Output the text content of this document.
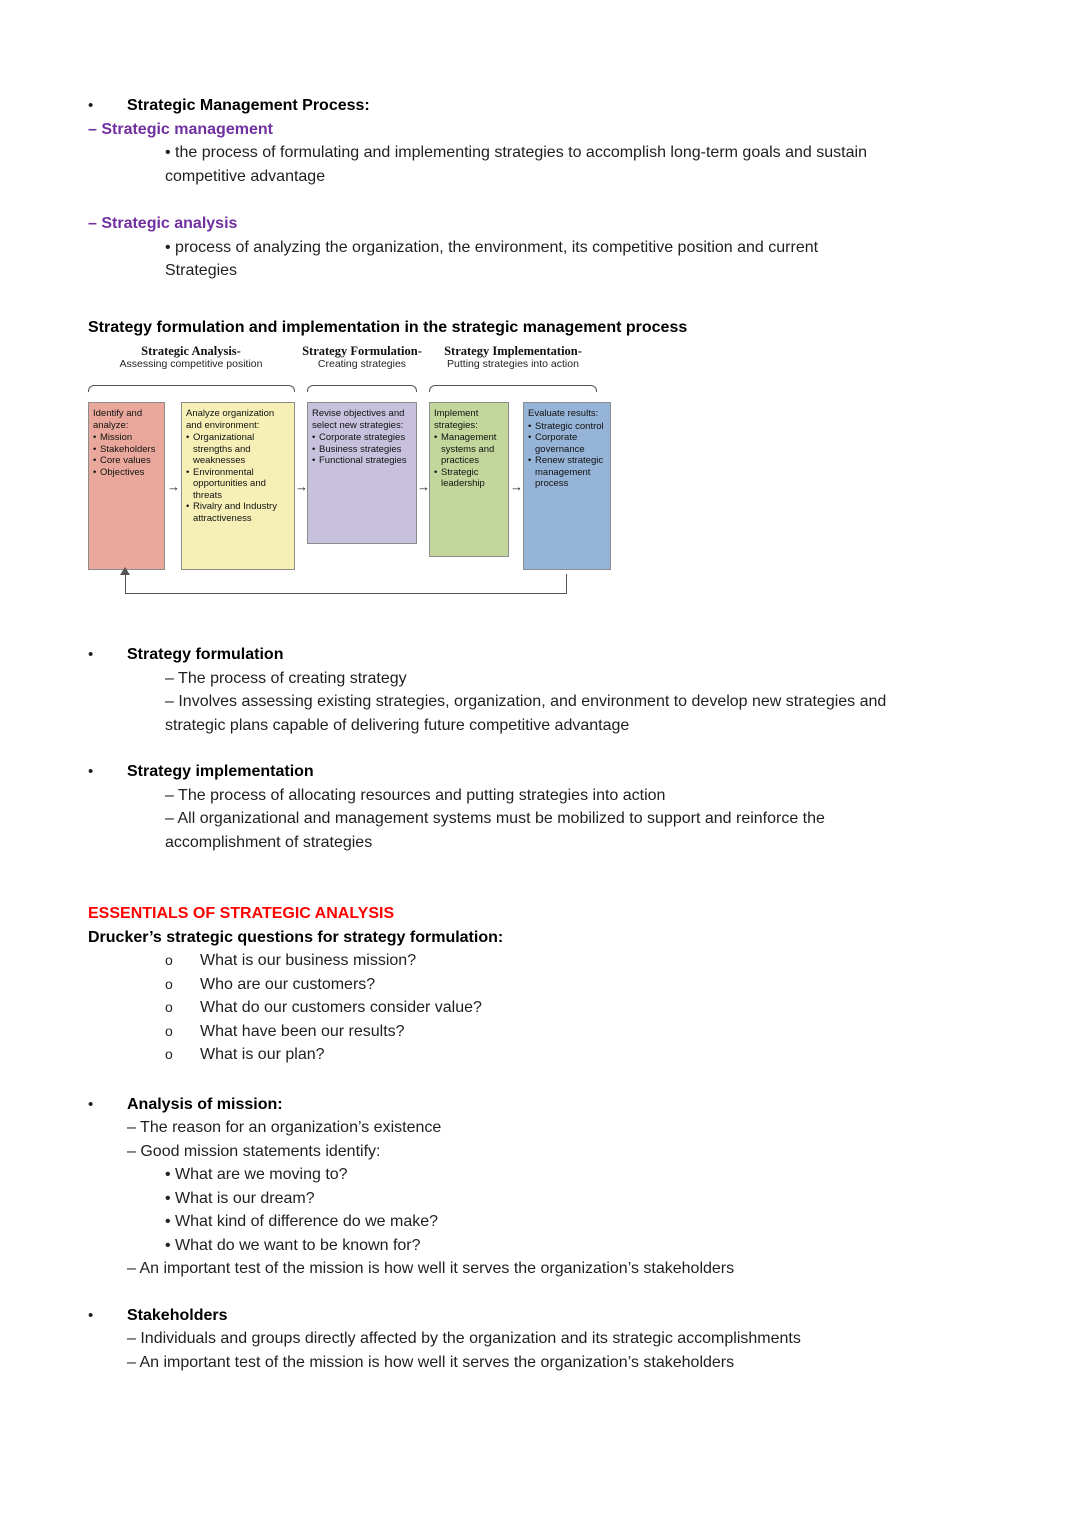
•	Strategic Management Process:
– Strategic management
• the process of formulating and implementing strategies to accomplish long-term goals and sustain
competitive advantage
– Strategic analysis
• process of analyzing the organization, the environment, its competitive position and current
Strategies
Strategy formulation and implementation in the strategic management process
Strategic Analysis-
Assessing competitive position
Strategy Formulation-
Creating strategies
Strategy Implementation-
Putting strategies into action
Identify and analyze:
• Mission
• Stakeholders
• Core values
• Objectives
Analyze organization and environment:
• Organizational strengths and weaknesses
• Environmental opportunities and threats
• Rivalry and Industry attractiveness
Revise objectives and select new strategies:
• Corporate strategies
• Business strategies
• Functional strategies
Implement strategies:
• Management systems and practices
• Strategic leadership
Evaluate results:
• Strategic control
• Corporate governance
• Renew strategic management process
→	→	→	→
•	Strategy formulation
– The process of creating strategy
– Involves assessing existing strategies, organization, and environment to develop new strategies and
strategic plans capable of delivering future competitive advantage
•	Strategy implementation
– The process of allocating resources and putting strategies into action
– All organizational and management systems must be mobilized to support and reinforce the
accomplishment of strategies
ESSENTIALS OF STRATEGIC ANALYSIS
Drucker’s strategic questions for strategy formulation:
o	What is our business mission?
o	Who are our customers?
o	What do our customers consider value?
o	What have been our results?
o	What is our plan?
•	Analysis of mission:
– The reason for an organization’s existence
– Good mission statements identify:
• What are we moving to?
• What is our dream?
• What kind of difference do we make?
• What do we want to be known for?
– An important test of the mission is how well it serves the organization’s stakeholders
•	Stakeholders
– Individuals and groups directly affected by the organization and its strategic accomplishments
– An important test of the mission is how well it serves the organization’s stakeholders
